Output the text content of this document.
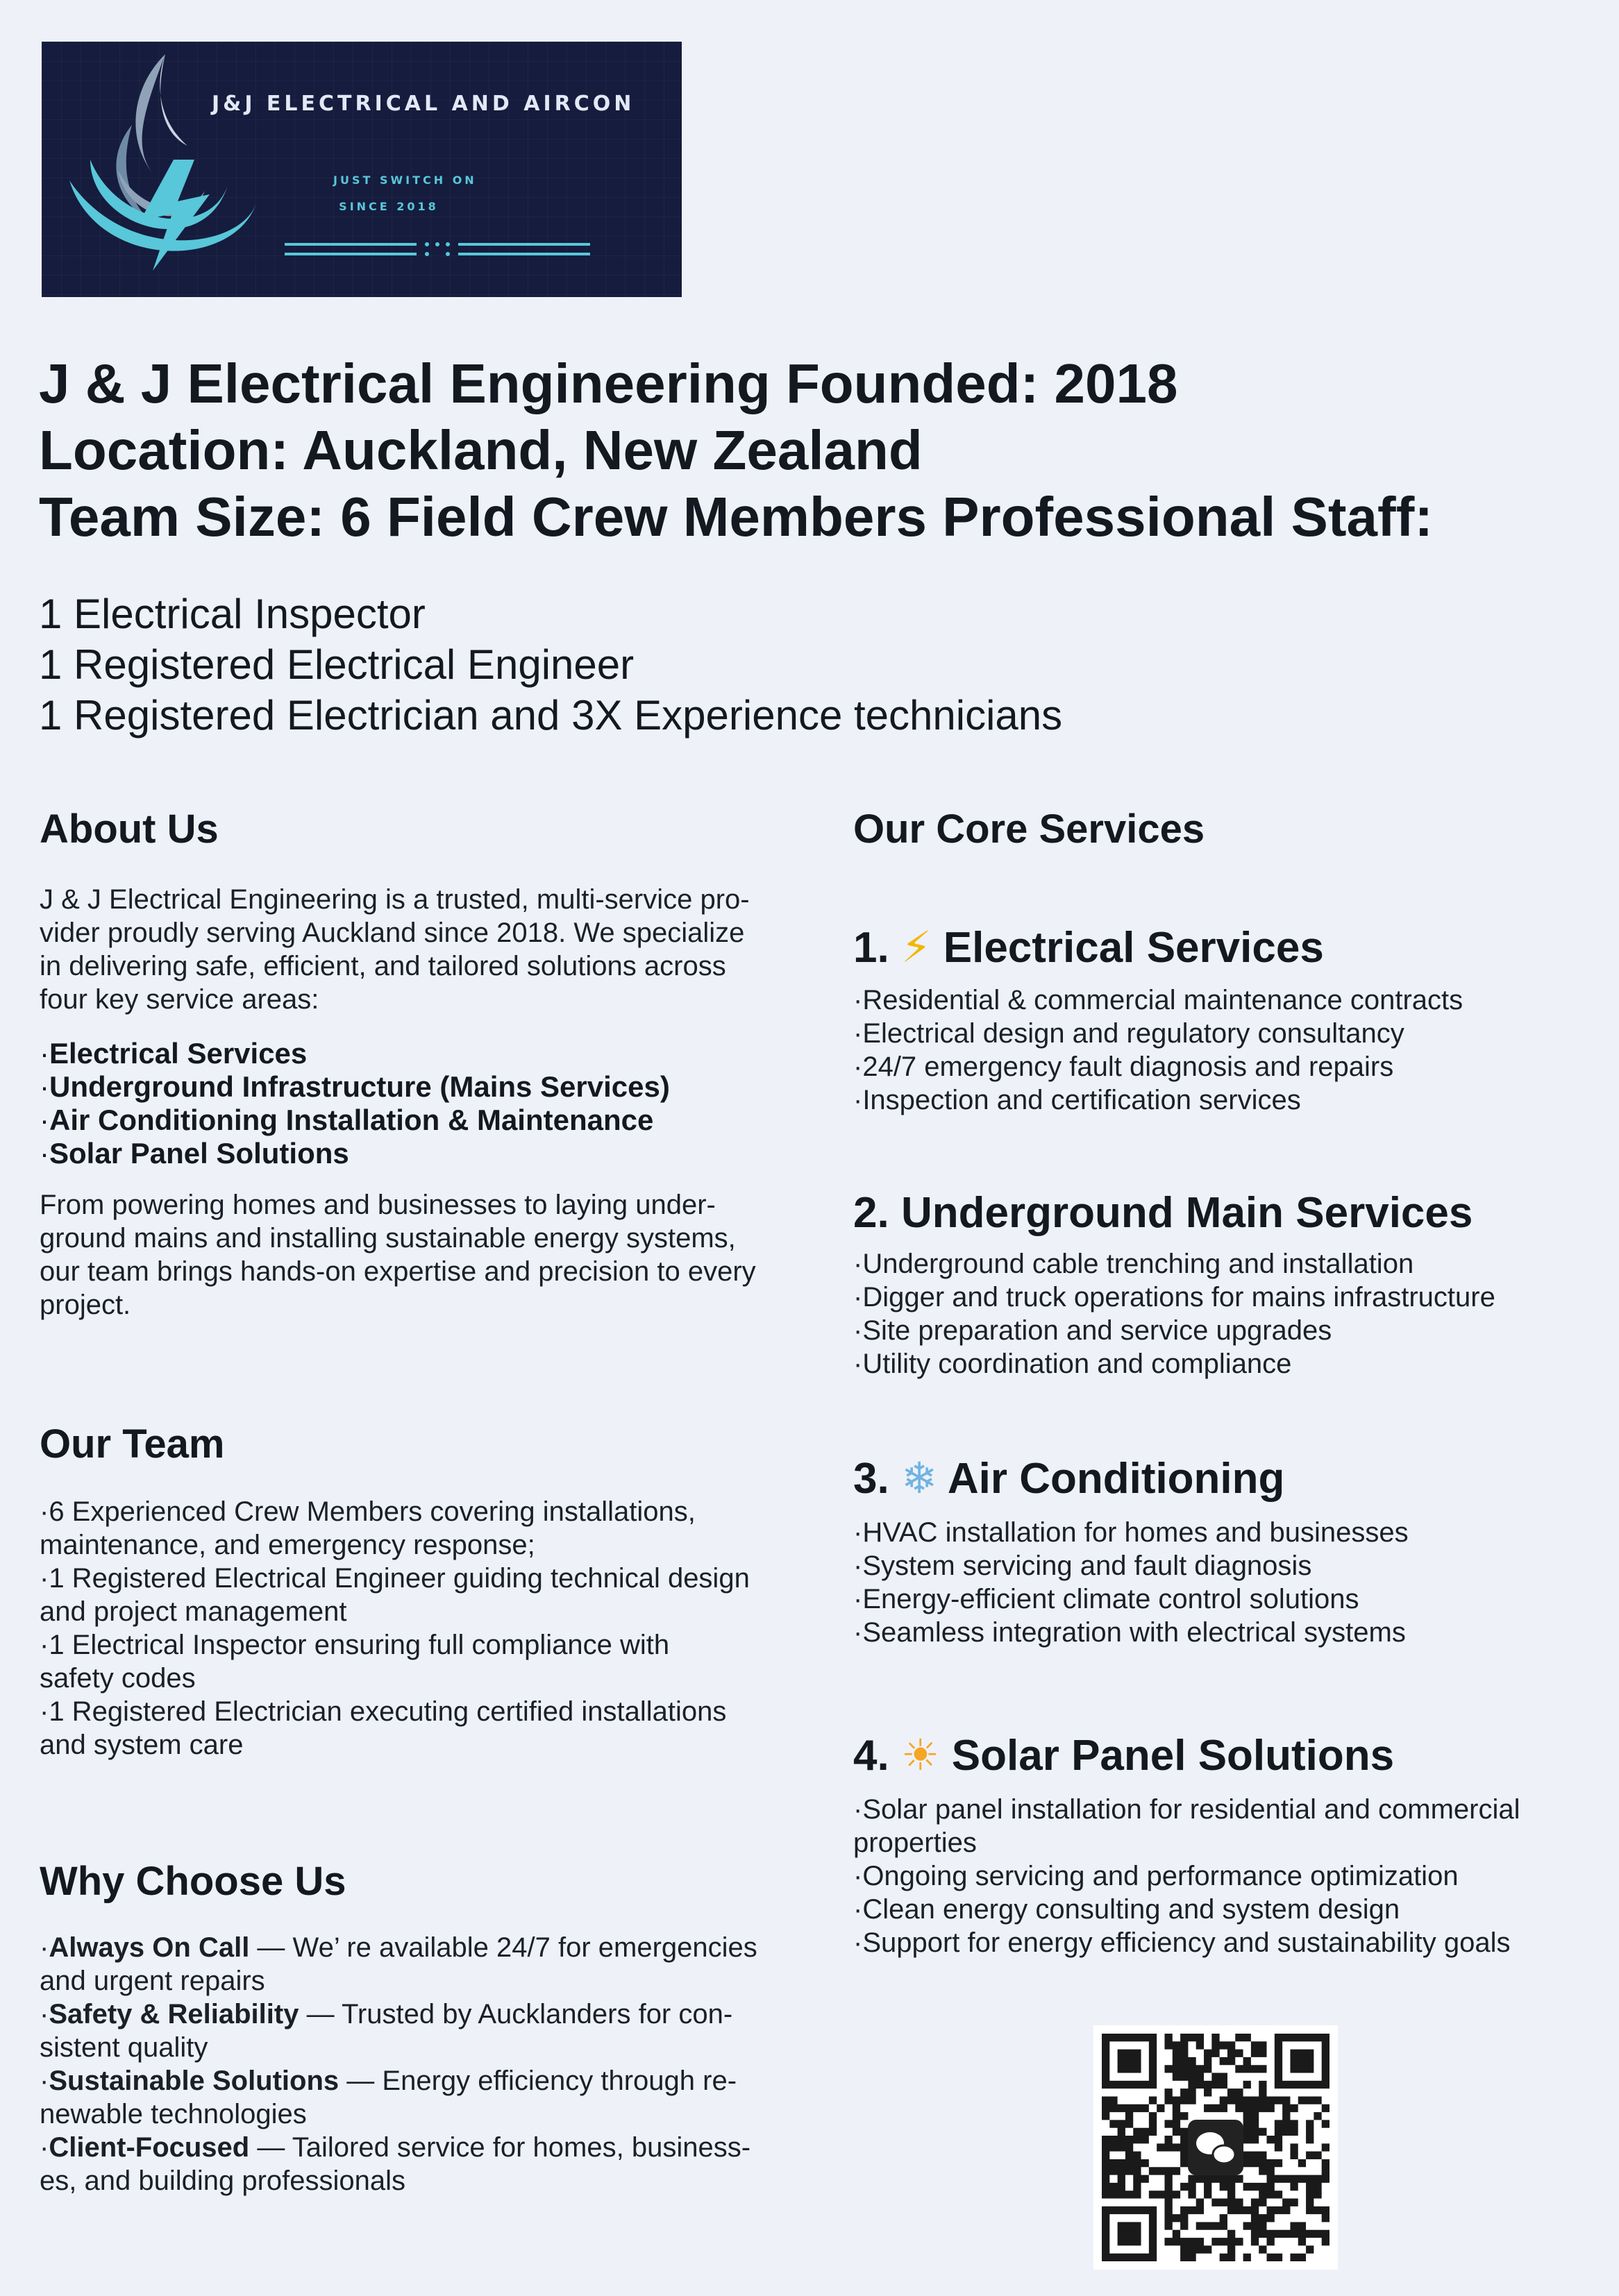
J&J ELECTRICAL AND AIRCON
JUST SWITCH ON
SINCE 2018
J & J Electrical Engineering Founded: 2018
Location: Auckland, New Zealand
Team Size: 6 Field Crew Members Professional Staff:
1 Electrical Inspector
1 Registered Electrical Engineer
1 Registered Electrician and 3X Experience technicians
About Us
J & J Electrical Engineering is a trusted, multi-service pro-
vider proudly serving Auckland since 2018. We specialize
in delivering safe, efficient, and tailored solutions across
four key service areas:
·Electrical Services
·Underground Infrastructure (Mains Services)
·Air Conditioning Installation & Maintenance
·Solar Panel Solutions
From powering homes and businesses to laying under-
ground mains and installing sustainable energy systems,
our team brings hands-on expertise and precision to every
project.
Our Team
·6 Experienced Crew Members covering installations,
maintenance, and emergency response;
·1 Registered Electrical Engineer guiding technical design
and project management
·1 Electrical Inspector ensuring full compliance with
safety codes
·1 Registered Electrician executing certified installations
and system care
Why Choose Us
·Always On Call — We’ re available 24/7 for emergencies
and urgent repairs
·Safety & Reliability — Trusted by Aucklanders for con-
sistent quality
·Sustainable Solutions — Energy efficiency through re-
newable technologies
·Client-Focused — Tailored service for homes, business-
es, and building professionals
Our Core Services
1. ⚡ Electrical Services
·Residential & commercial maintenance contracts
·Electrical design and regulatory consultancy
·24/7 emergency fault diagnosis and repairs
·Inspection and certification services
2. Underground Main Services
·Underground cable trenching and installation
·Digger and truck operations for mains infrastructure
·Site preparation and service upgrades
·Utility coordination and compliance
3. ❄ Air Conditioning
·HVAC installation for homes and businesses
·System servicing and fault diagnosis
·Energy-efficient climate control solutions
·Seamless integration with electrical systems
4. ☀ Solar Panel Solutions
·Solar panel installation for residential and commercial
properties
·Ongoing servicing and performance optimization
·Clean energy consulting and system design
·Support for energy efficiency and sustainability goals
